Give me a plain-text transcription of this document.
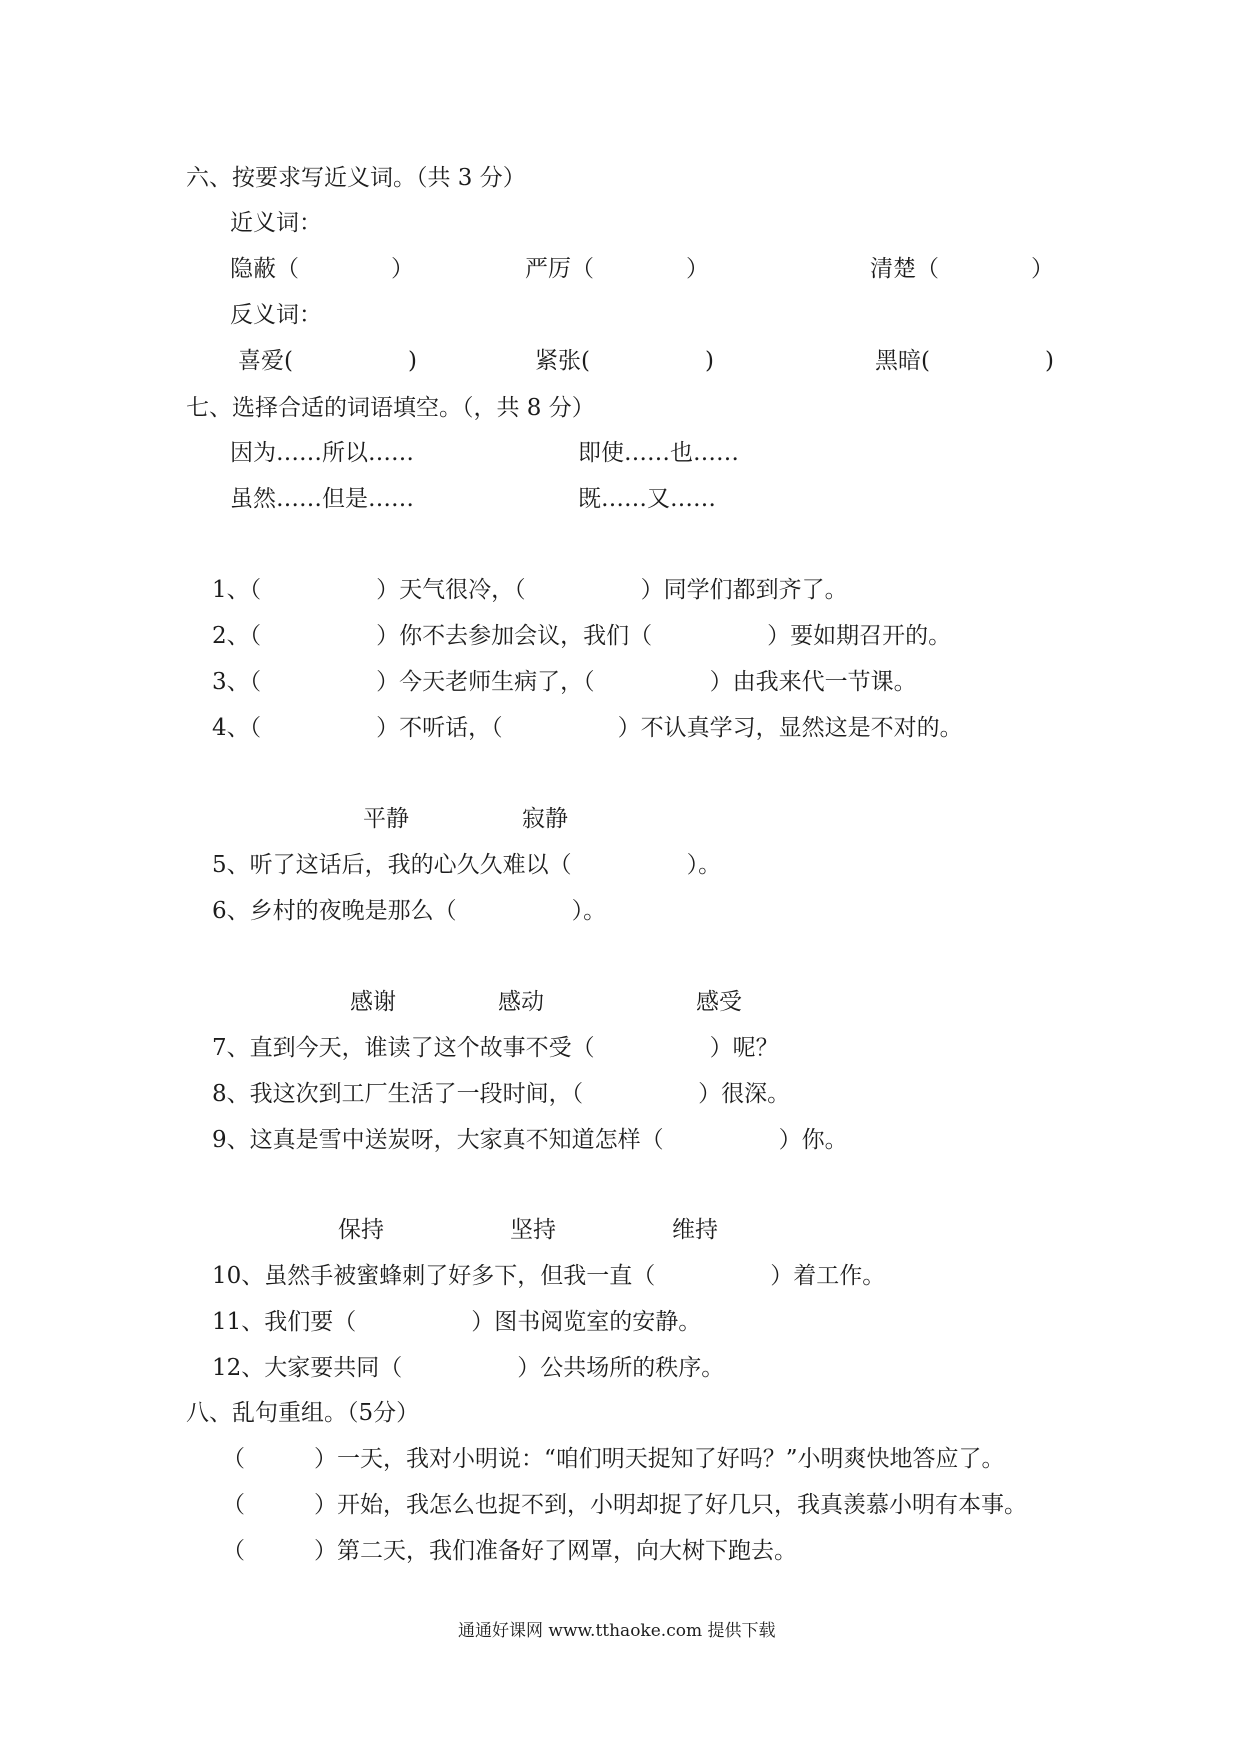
六、按要求写近义词。（共 3 分）
近义词：
隐蔽（　　　　）	严厉（　　　　）	清楚（　　　　）
反义词：
喜爱(　　　　　)	紧张(　　　　　)	黑暗(　　　　　)
七、选择合适的词语填空。（，共 8 分）
因为……所以……	即使……也……
虽然……但是……	既……又……
1、（　　　　　）天气很冷，（　　　　　）同学们都到齐了。
2、（　　　　　）你不去参加会议，我们（　　　　　）要如期召开的。
3、（　　　　　）今天老师生病了，（　　　　　）由我来代一节课。
4、（　　　　　）不听话，（　　　　　）不认真学习，显然这是不对的。
平静	寂静
5、听了这话后，我的心久久难以（　　　　　）。
6、乡村的夜晚是那么（　　　　　）。
感谢	感动	感受
7、直到今天，谁读了这个故事不受（　　　　　）呢？
8、我这次到工厂生活了一段时间，（　　　　　）很深。
9、这真是雪中送炭呀，大家真不知道怎样（　　　　　）你。
保持	坚持	维持
10、虽然手被蜜蜂刺了好多下，但我一直（　　　　　）着工作。
11、我们要（　　　　　）图书阅览室的安静。
12、大家要共同（　　　　　）公共场所的秩序。
八、乱句重组。（5分）
（　　　）一天，我对小明说：“咱们明天捉知了好吗？”小明爽快地答应了。
（　　　）开始，我怎么也捉不到，小明却捉了好几只，我真羡慕小明有本事。
（　　　）第二天，我们准备好了网罩，向大树下跑去。
通通好课网 www.tthaoke.com 提供下载
